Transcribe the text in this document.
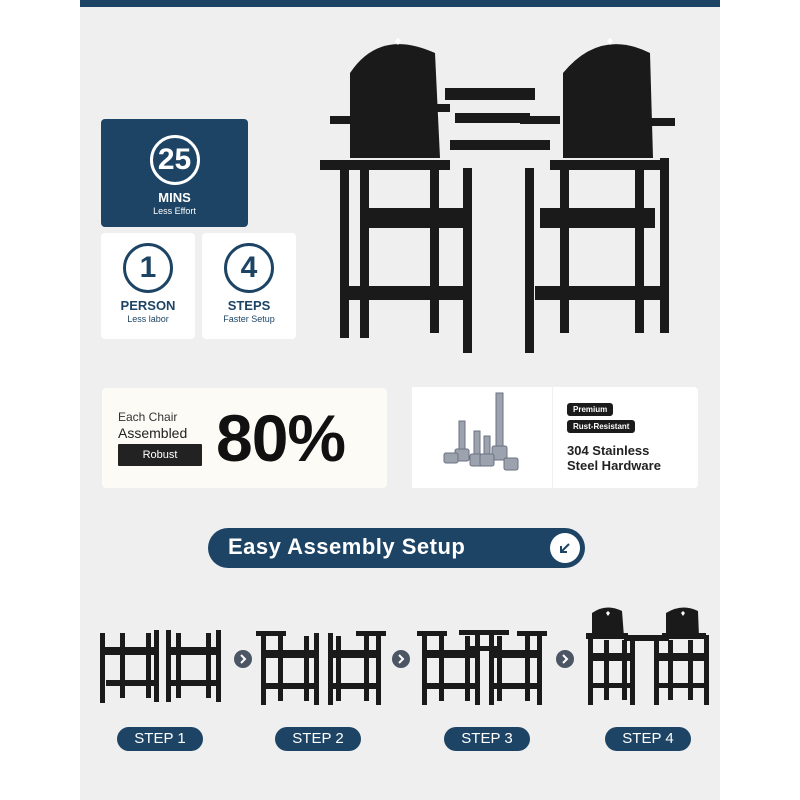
25
MINS
Less Effort
1
PERSON
Less labor
4
STEPS
Faster Setup
Each Chair
Assembled
Robust 80%	Premium
Rust-Resistant
304 Stainless
Steel Hardware
Easy Assembly Setup
STEP 1	STEP 2	STEP 3	STEP 4
